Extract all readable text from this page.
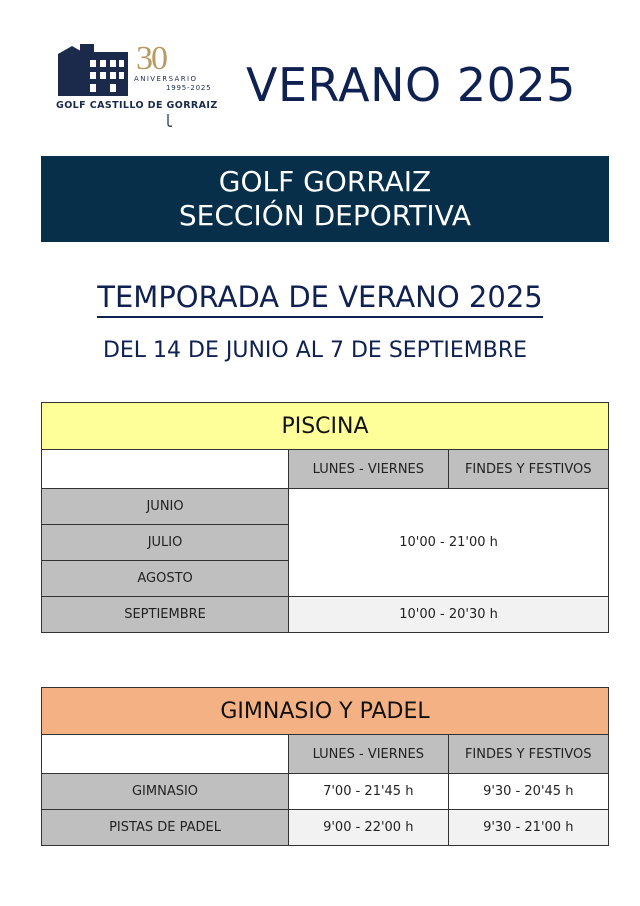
30
ANIVERSARIO
1995-2025
GOLF CASTILLO DE GORRAIZ VERANO 2025
GOLF GORRAIZ
SECCIÓN DEPORTIVA
TEMPORADA DE VERANO 2025
DEL 14 DE JUNIO AL 7 DE SEPTIEMBRE
PISCINA		
	LUNES - VIERNES	FINDES Y FESTIVOS
JUNIO	10'00 - 21'00 h	
JULIO		
AGOSTO		
SEPTIEMBRE	10'00 - 20'30 h	
GIMNASIO Y PADEL		
	LUNES - VIERNES	FINDES Y FESTIVOS
GIMNASIO	7'00 - 21'45 h	9'30 - 20'45 h
PISTAS DE PADEL	9'00 - 22'00 h	9'30 - 21'00 h
